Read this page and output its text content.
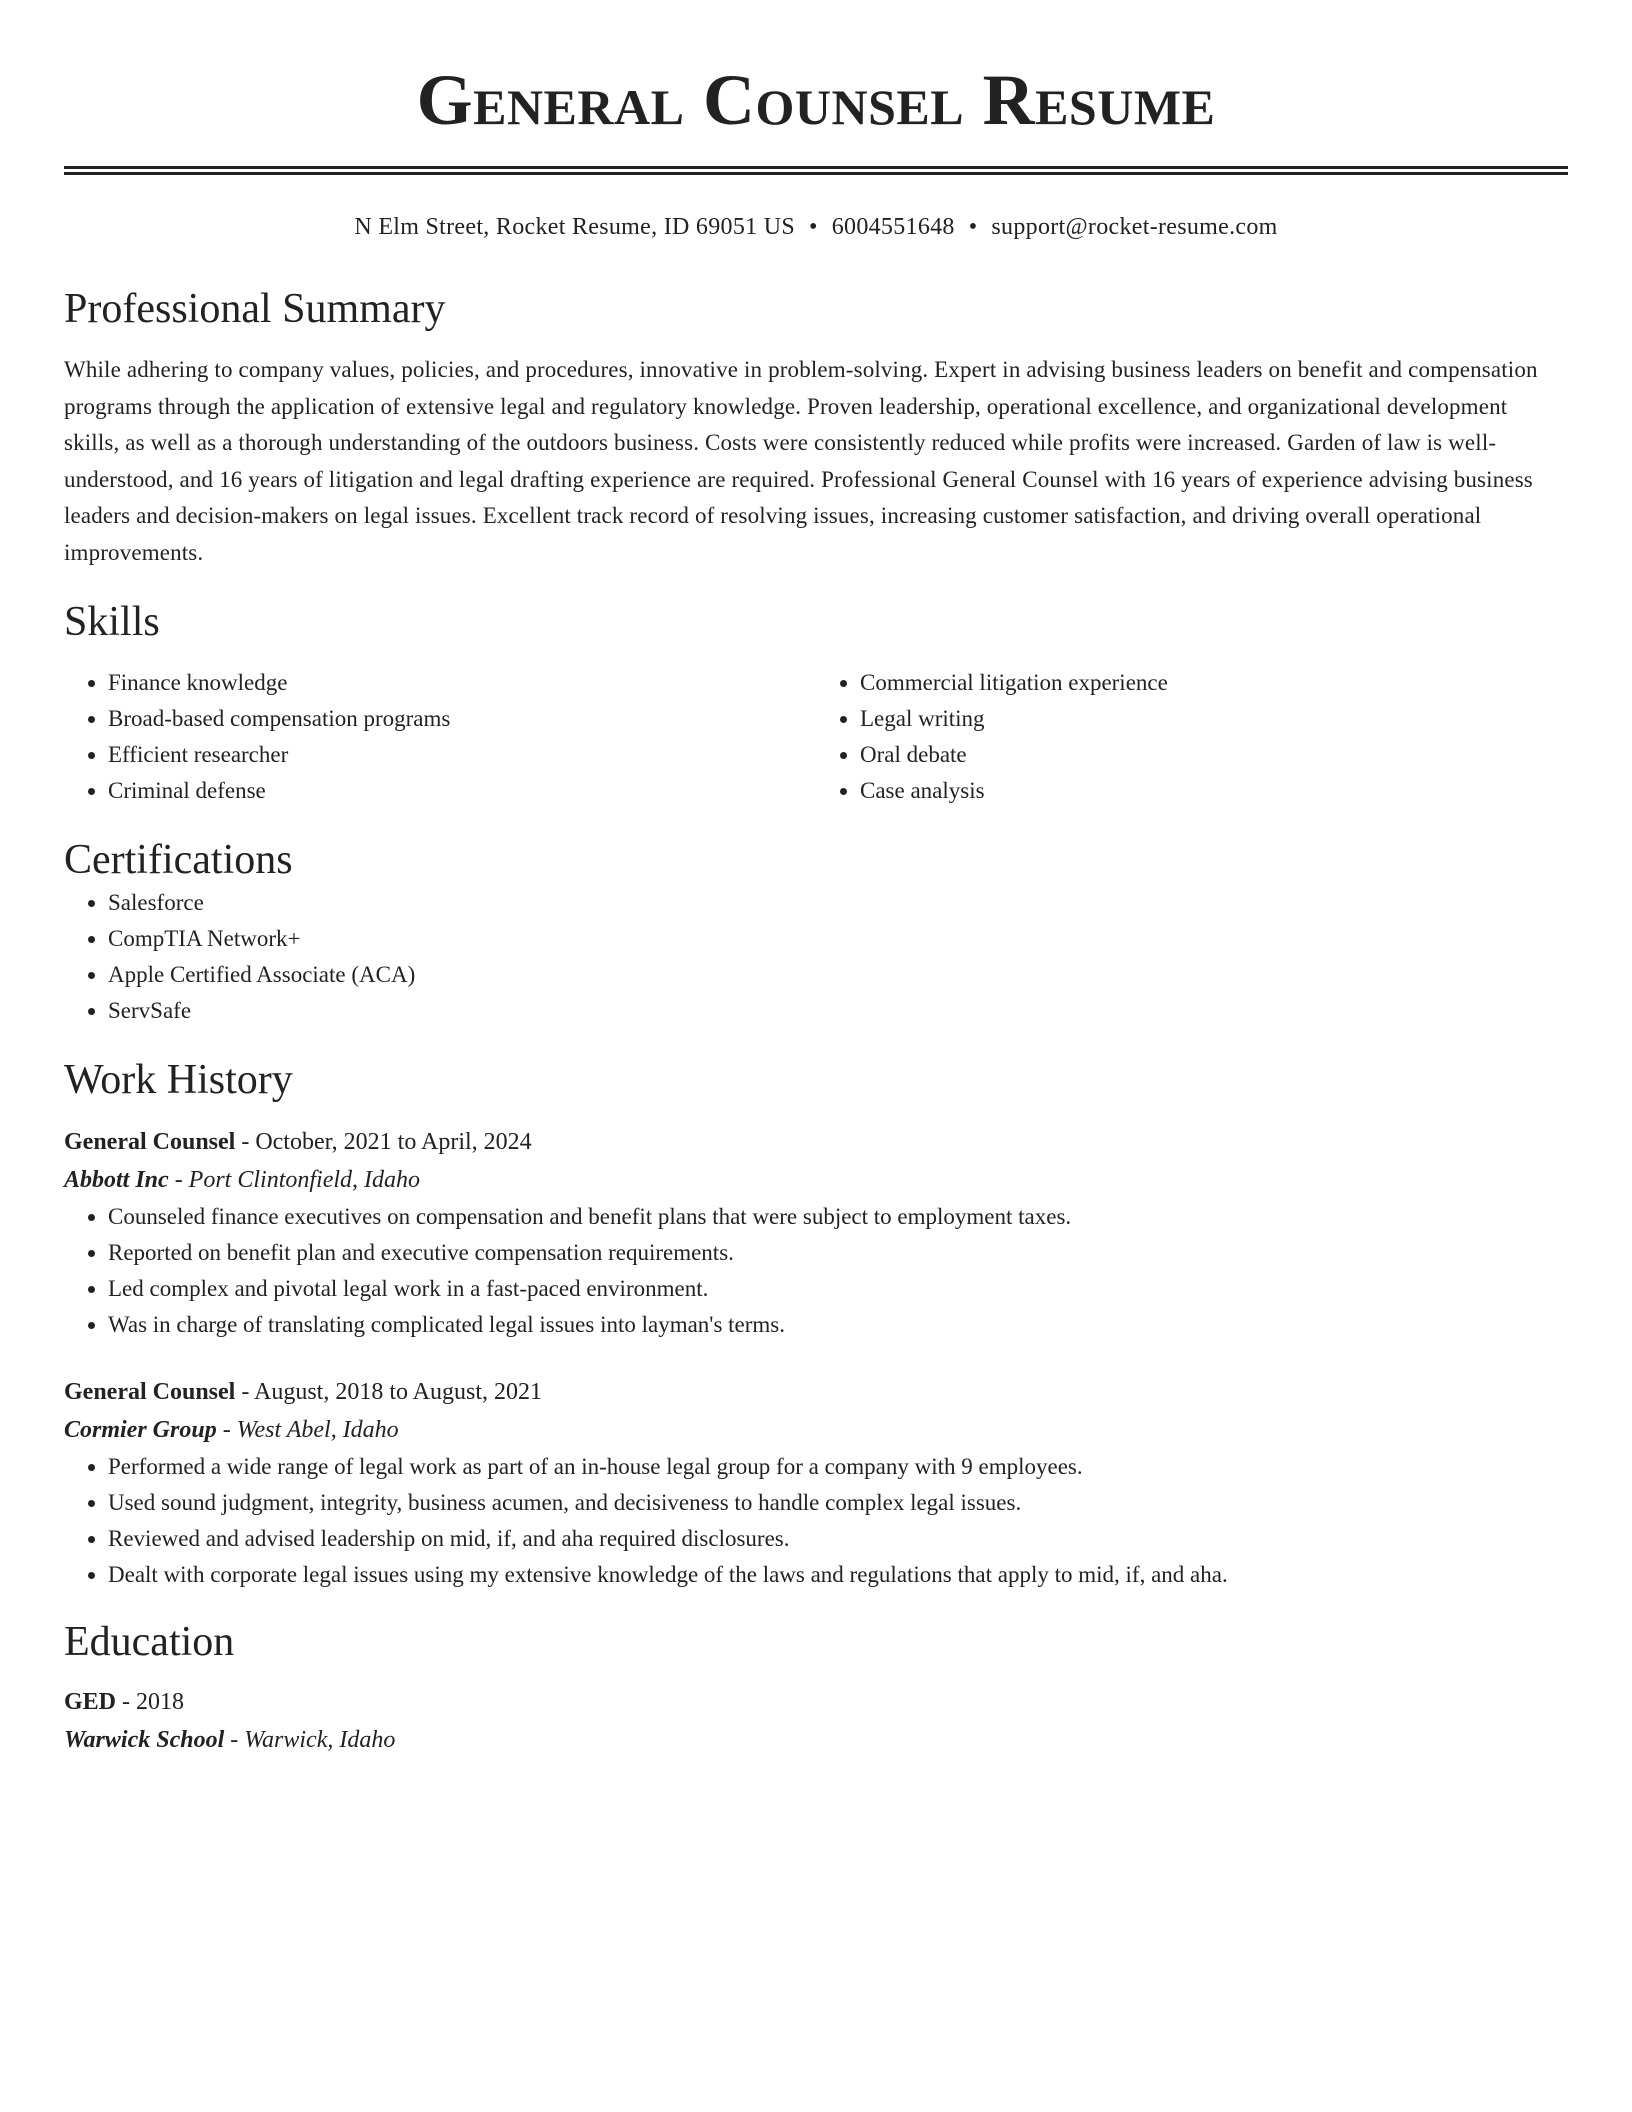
General Counsel Resume
N Elm Street, Rocket Resume, ID 69051 US • 6004551648 • support@rocket-resume.com
Professional Summary
While adhering to company values, policies, and procedures, innovative in problem-solving. Expert in advising business leaders on benefit and compensation programs through the application of extensive legal and regulatory knowledge. Proven leadership, operational excellence, and organizational development skills, as well as a thorough understanding of the outdoors business. Costs were consistently reduced while profits were increased. Garden of law is well-understood, and 16 years of litigation and legal drafting experience are required. Professional General Counsel with 16 years of experience advising business leaders and decision-makers on legal issues. Excellent track record of resolving issues, increasing customer satisfaction, and driving overall operational improvements.
Skills
• Finance knowledge
• Broad-based compensation programs
• Efficient researcher
• Criminal defense
• Commercial litigation experience
• Legal writing
• Oral debate
• Case analysis
Certifications
• Salesforce
• CompTIA Network+
• Apple Certified Associate (ACA)
• ServSafe
Work History
General Counsel - October, 2021 to April, 2024
Abbott Inc - Port Clintonfield, Idaho
• Counseled finance executives on compensation and benefit plans that were subject to employment taxes.
• Reported on benefit plan and executive compensation requirements.
• Led complex and pivotal legal work in a fast-paced environment.
• Was in charge of translating complicated legal issues into layman's terms.
General Counsel - August, 2018 to August, 2021
Cormier Group - West Abel, Idaho
• Performed a wide range of legal work as part of an in-house legal group for a company with 9 employees.
• Used sound judgment, integrity, business acumen, and decisiveness to handle complex legal issues.
• Reviewed and advised leadership on mid, if, and aha required disclosures.
• Dealt with corporate legal issues using my extensive knowledge of the laws and regulations that apply to mid, if, and aha.
Education
GED - 2018
Warwick School - Warwick, Idaho
